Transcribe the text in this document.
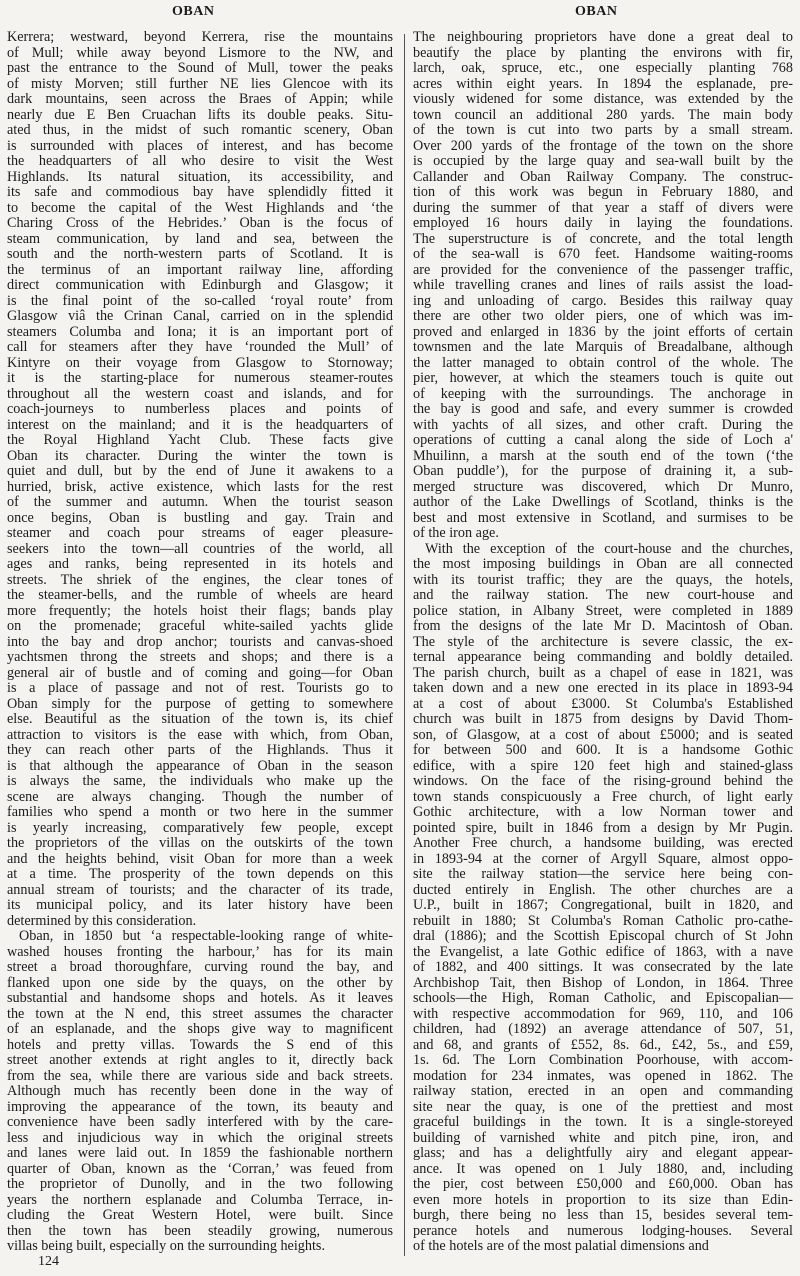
OBAN	OBAN
Kerrera; westward, beyond Kerrera, rise the mountains
of Mull; while away beyond Lismore to the NW, and
past the entrance to the Sound of Mull, tower the peaks
of misty Morven; still further NE lies Glencoe with its
dark mountains, seen across the Braes of Appin; while
nearly due E Ben Cruachan lifts its double peaks. Situ-
ated thus, in the midst of such romantic scenery, Oban
is surrounded with places of interest, and has become
the headquarters of all who desire to visit the West
Highlands. Its natural situation, its accessibility, and
its safe and commodious bay have splendidly fitted it
to become the capital of the West Highlands and ‘the
Charing Cross of the Hebrides.’ Oban is the focus of
steam communication, by land and sea, between the
south and the north-western parts of Scotland. It is
the terminus of an important railway line, affording
direct communication with Edinburgh and Glasgow; it
is the final point of the so-called ‘royal route’ from
Glasgow viâ the Crinan Canal, carried on in the splendid
steamers Columba and Iona; it is an important port of
call for steamers after they have ‘rounded the Mull’ of
Kintyre on their voyage from Glasgow to Stornoway;
it is the starting-place for numerous steamer-routes
throughout all the western coast and islands, and for
coach-journeys to numberless places and points of
interest on the mainland; and it is the headquarters of
the Royal Highland Yacht Club. These facts give
Oban its character. During the winter the town is
quiet and dull, but by the end of June it awakens to a
hurried, brisk, active existence, which lasts for the rest
of the summer and autumn. When the tourist season
once begins, Oban is bustling and gay. Train and
steamer and coach pour streams of eager pleasure-
seekers into the town—all countries of the world, all
ages and ranks, being represented in its hotels and
streets. The shriek of the engines, the clear tones of
the steamer-bells, and the rumble of wheels are heard
more frequently; the hotels hoist their flags; bands play
on the promenade; graceful white-sailed yachts glide
into the bay and drop anchor; tourists and canvas-shoed
yachtsmen throng the streets and shops; and there is a
general air of bustle and of coming and going—for Oban
is a place of passage and not of rest. Tourists go to
Oban simply for the purpose of getting to somewhere
else. Beautiful as the situation of the town is, its chief
attraction to visitors is the ease with which, from Oban,
they can reach other parts of the Highlands. Thus it
is that although the appearance of Oban in the season
is always the same, the individuals who make up the
scene are always changing. Though the number of
families who spend a month or two here in the summer
is yearly increasing, comparatively few people, except
the proprietors of the villas on the outskirts of the town
and the heights behind, visit Oban for more than a week
at a time. The prosperity of the town depends on this
annual stream of tourists; and the character of its trade,
its municipal policy, and its later history have been
determined by this consideration.
Oban, in 1850 but ‘a respectable-looking range of white-
washed houses fronting the harbour,’ has for its main
street a broad thoroughfare, curving round the bay, and
flanked upon one side by the quays, on the other by
substantial and handsome shops and hotels. As it leaves
the town at the N end, this street assumes the character
of an esplanade, and the shops give way to magnificent
hotels and pretty villas. Towards the S end of this
street another extends at right angles to it, directly back
from the sea, while there are various side and back streets.
Although much has recently been done in the way of
improving the appearance of the town, its beauty and
convenience have been sadly interfered with by the care-
less and injudicious way in which the original streets
and lanes were laid out. In 1859 the fashionable northern
quarter of Oban, known as the ‘Corran,’ was feued from
the proprietor of Dunolly, and in the two following
years the northern esplanade and Columba Terrace, in-
cluding the Great Western Hotel, were built. Since
then the town has been steadily growing, numerous
villas being built, especially on the surrounding heights.
The neighbouring proprietors have done a great deal to
beautify the place by planting the environs with fir,
larch, oak, spruce, etc., one especially planting 768
acres within eight years. In 1894 the esplanade, pre-
viously widened for some distance, was extended by the
town council an additional 280 yards. The main body
of the town is cut into two parts by a small stream.
Over 200 yards of the frontage of the town on the shore
is occupied by the large quay and sea-wall built by the
Callander and Oban Railway Company. The construc-
tion of this work was begun in February 1880, and
during the summer of that year a staff of divers were
employed 16 hours daily in laying the foundations.
The superstructure is of concrete, and the total length
of the sea-wall is 670 feet. Handsome waiting-rooms
are provided for the convenience of the passenger traffic,
while travelling cranes and lines of rails assist the load-
ing and unloading of cargo. Besides this railway quay
there are other two older piers, one of which was im-
proved and enlarged in 1836 by the joint efforts of certain
townsmen and the late Marquis of Breadalbane, although
the latter managed to obtain control of the whole. The
pier, however, at which the steamers touch is quite out
of keeping with the surroundings. The anchorage in
the bay is good and safe, and every summer is crowded
with yachts of all sizes, and other craft. During the
operations of cutting a canal along the side of Loch a'
Mhuilinn, a marsh at the south end of the town (‘the
Oban puddle’), for the purpose of draining it, a sub-
merged structure was discovered, which Dr Munro,
author of the Lake Dwellings of Scotland, thinks is the
best and most extensive in Scotland, and surmises to be
of the iron age.
With the exception of the court-house and the churches,
the most imposing buildings in Oban are all connected
with its tourist traffic; they are the quays, the hotels,
and the railway station. The new court-house and
police station, in Albany Street, were completed in 1889
from the designs of the late Mr D. Macintosh of Oban.
The style of the architecture is severe classic, the ex-
ternal appearance being commanding and boldly detailed.
The parish church, built as a chapel of ease in 1821, was
taken down and a new one erected in its place in 1893-94
at a cost of about £3000. St Columba's Established
church was built in 1875 from designs by David Thom-
son, of Glasgow, at a cost of about £5000; and is seated
for between 500 and 600. It is a handsome Gothic
edifice, with a spire 120 feet high and stained-glass
windows. On the face of the rising-ground behind the
town stands conspicuously a Free church, of light early
Gothic architecture, with a low Norman tower and
pointed spire, built in 1846 from a design by Mr Pugin.
Another Free church, a handsome building, was erected
in 1893-94 at the corner of Argyll Square, almost oppo-
site the railway station—the service here being con-
ducted entirely in English. The other churches are a
U.P., built in 1867; Congregational, built in 1820, and
rebuilt in 1880; St Columba's Roman Catholic pro-cathe-
dral (1886); and the Scottish Episcopal church of St John
the Evangelist, a late Gothic edifice of 1863, with a nave
of 1882, and 400 sittings. It was consecrated by the late
Archbishop Tait, then Bishop of London, in 1864. Three
schools—the High, Roman Catholic, and Episcopalian—
with respective accommodation for 969, 110, and 106
children, had (1892) an average attendance of 507, 51,
and 68, and grants of £552, 8s. 6d., £42, 5s., and £59,
1s. 6d. The Lorn Combination Poorhouse, with accom-
modation for 234 inmates, was opened in 1862. The
railway station, erected in an open and commanding
site near the quay, is one of the prettiest and most
graceful buildings in the town. It is a single-storeyed
building of varnished white and pitch pine, iron, and
glass; and has a delightfully airy and elegant appear-
ance. It was opened on 1 July 1880, and, including
the pier, cost between £50,000 and £60,000. Oban has
even more hotels in proportion to its size than Edin-
burgh, there being no less than 15, besides several tem-
perance hotels and numerous lodging-houses. Several
of the hotels are of the most palatial dimensions and
124
